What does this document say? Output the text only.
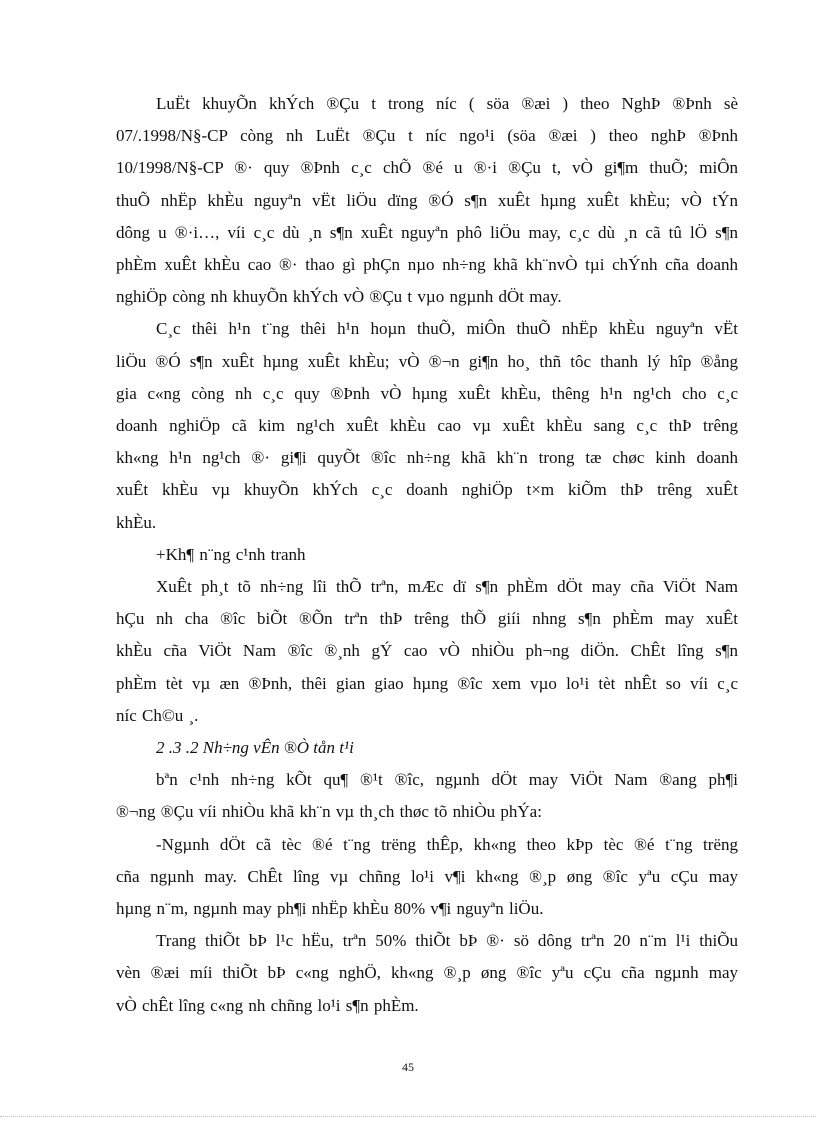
LuËt khuyÕn khÝch ®Çu t trong níc ( söa ®æi ) theo NghÞ ®Þnh sè
07/.1998/N§-CP còng nh LuËt ®Çu t níc ngo¹i (söa ®æi ) theo nghÞ ®Þnh
10/1998/N§-CP ®· quy ®Þnh c¸c chÕ ®é u ®·i ®Çu t, vÒ gi¶m thuÕ; miÔn
thuÕ nhËp khÈu nguyªn vËt liÖu dïng ®Ó s¶n xuÊt hµng xuÊt khÈu; vÒ tÝn
dông u ®·i…, víi c¸c dù ¸n s¶n xuÊt nguyªn phô liÖu may, c¸c dù ¸n cã tû lÖ s¶n
phÈm xuÊt khÈu cao ®· thao gì phÇn nµo nh÷ng khã kh¨nvÒ tµi chÝnh cña doanh
nghiÖp còng nh khuyÕn khÝch vÒ ®Çu t vµo ngµnh dÖt may.
C¸c thêi h¹n t¨ng thêi h¹n hoµn thuÕ, miÔn thuÕ nhËp khÈu nguyªn vËt
liÖu ®Ó s¶n xuÊt hµng xuÊt khÈu; vÒ ®¬n gi¶n ho¸ thñ tôc thanh lý hîp ®ång
gia c«ng còng nh c¸c quy ®Þnh vÒ hµng xuÊt khÈu, thêng h¹n ng¹ch cho c¸c
doanh nghiÖp cã kim ng¹ch xuÊt khÈu cao vµ xuÊt khÈu sang c¸c thÞ trêng
kh«ng h¹n ng¹ch ®· gi¶i quyÕt ®îc nh÷ng khã kh¨n trong tæ chøc kinh doanh
xuÊt khÈu vµ khuyÕn khÝch c¸c doanh nghiÖp t×m kiÕm thÞ trêng xuÊt
khÈu.
+Kh¶ n¨ng c¹nh tranh
XuÊt ph¸t tõ nh÷ng lîi thÕ trªn, mÆc dï s¶n phÈm dÖt may cña ViÖt Nam
hÇu nh cha ®îc biÕt ®Õn trªn thÞ trêng thÕ giíi nhng s¶n phÈm may xuÊt
khÈu cña ViÖt Nam ®îc ®¸nh gÝ cao vÒ nhiÒu ph¬ng diÖn. ChÊt lîng s¶n
phÈm tèt vµ æn ®Þnh, thêi gian giao hµng ®îc xem vµo lo¹i tèt nhÊt so víi c¸c
níc Ch©u ¸.
2 .3 .2 Nh÷ng vÊn ®Ò tån t¹i
bªn c¹nh nh÷ng kÕt qu¶ ®¹t ®îc, ngµnh dÖt may ViÖt Nam ®ang ph¶i
®¬ng ®Çu víi nhiÒu khã kh¨n vµ th¸ch thøc tõ nhiÒu phÝa:
-Ngµnh dÖt cã tèc ®é t¨ng trëng thÊp, kh«ng theo kÞp tèc ®é t¨ng trëng
cña ngµnh may. ChÊt lîng vµ chñng lo¹i v¶i kh«ng ®¸p øng ®îc yªu cÇu may
hµng n¨m, ngµnh may ph¶i nhËp khÈu 80% v¶i nguyªn liÖu.
Trang thiÕt bÞ l¹c hËu, trªn 50% thiÕt bÞ ®· sö dông trªn 20 n¨m l¹i thiÕu
vèn ®æi míi thiÕt bÞ c«ng nghÖ, kh«ng ®¸p øng ®îc yªu cÇu cña ngµnh may
vÒ chÊt lîng c«ng nh chñng lo¹i s¶n phÈm.
45
